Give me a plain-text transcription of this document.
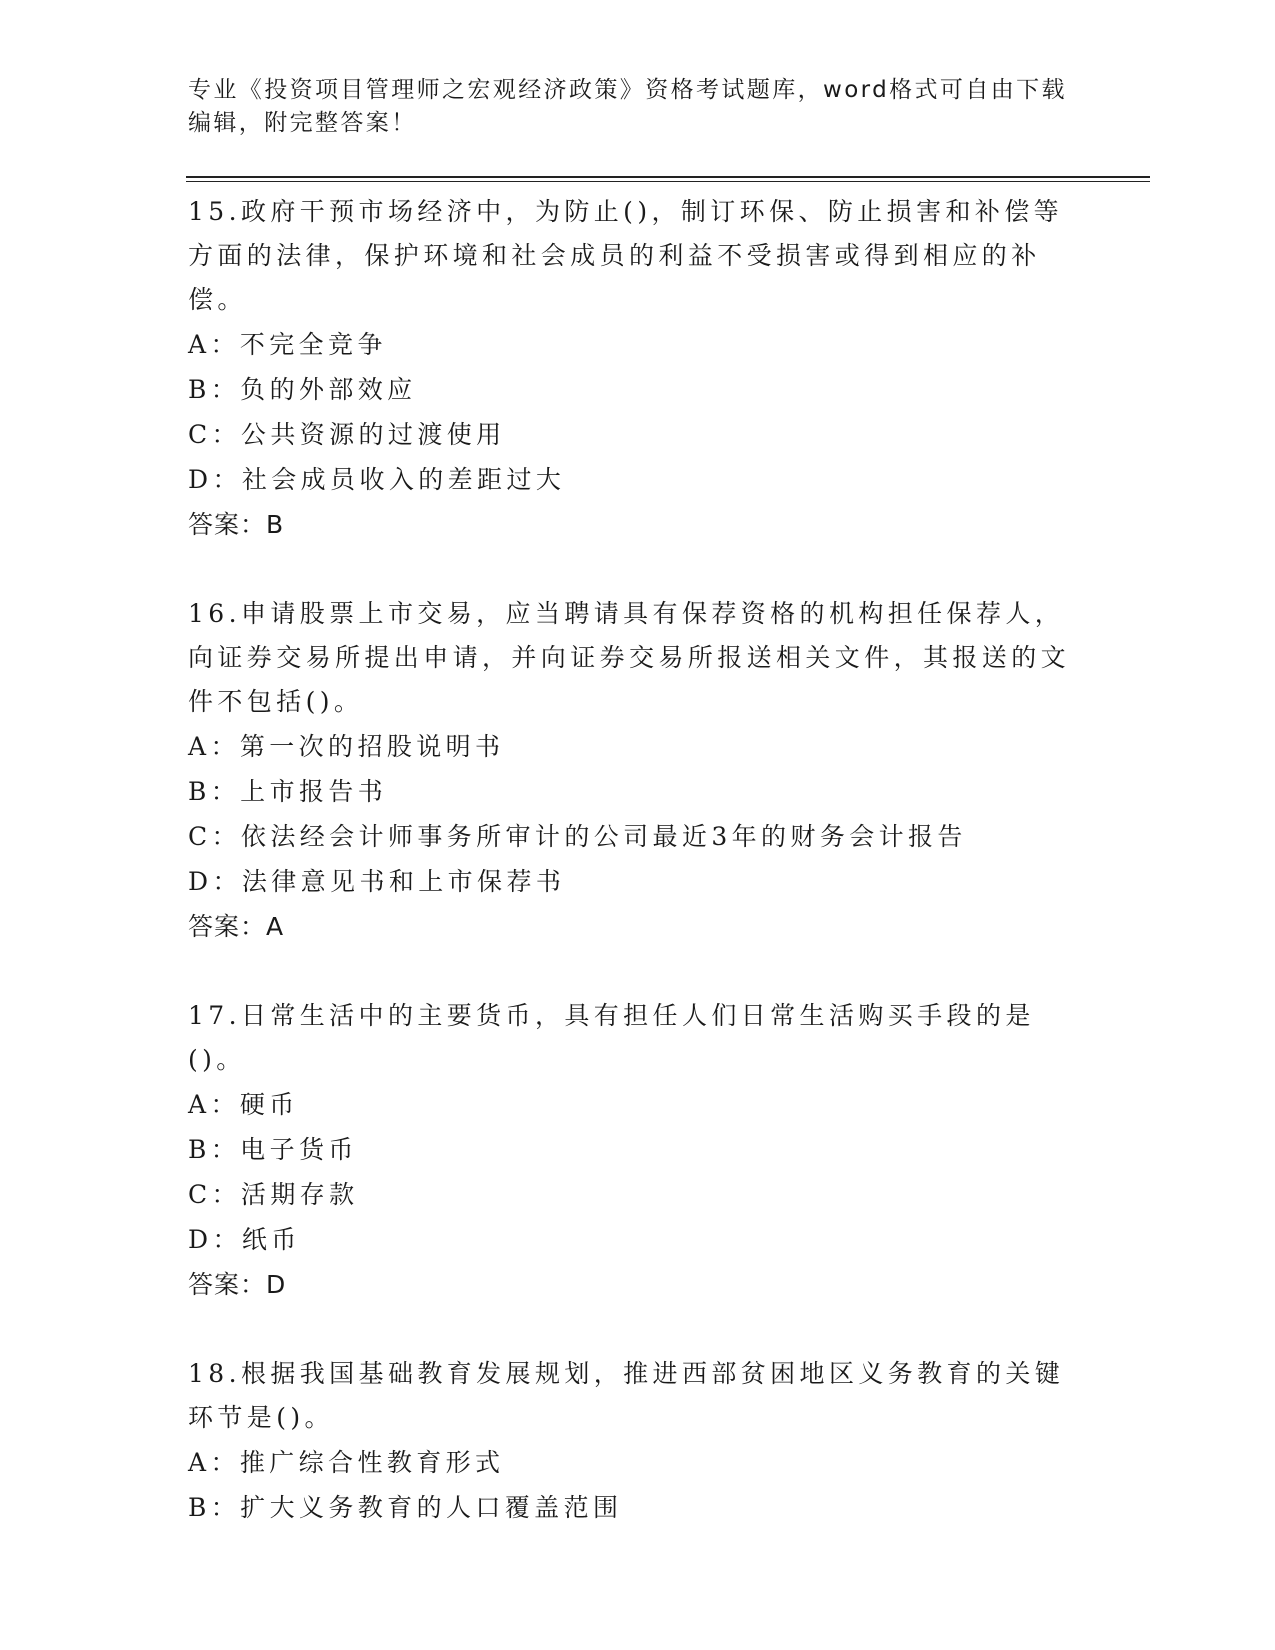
专业《投资项目管理师之宏观经济政策》资格考试题库，word格式可自由下载编辑，附完整答案！

15.政府干预市场经济中，为防止()，制订环保、防止损害和补偿等方面的法律，保护环境和社会成员的利益不受损害或得到相应的补偿。

A：不完全竞争

B：负的外部效应

C：公共资源的过渡使用

D：社会成员收入的差距过大

答案：B

16.申请股票上市交易，应当聘请具有保荐资格的机构担任保荐人，向证券交易所提出申请，并向证券交易所报送相关文件，其报送的文件不包括()。

A：第一次的招股说明书

B：上市报告书

C：依法经会计师事务所审计的公司最近3年的财务会计报告

D：法律意见书和上市保荐书

答案：A

17.日常生活中的主要货币，具有担任人们日常生活购买手段的是()。

A：硬币

B：电子货币

C：活期存款

D：纸币

答案：D

18.根据我国基础教育发展规划，推进西部贫困地区义务教育的关键环节是()。

A：推广综合性教育形式

B：扩大义务教育的人口覆盖范围
